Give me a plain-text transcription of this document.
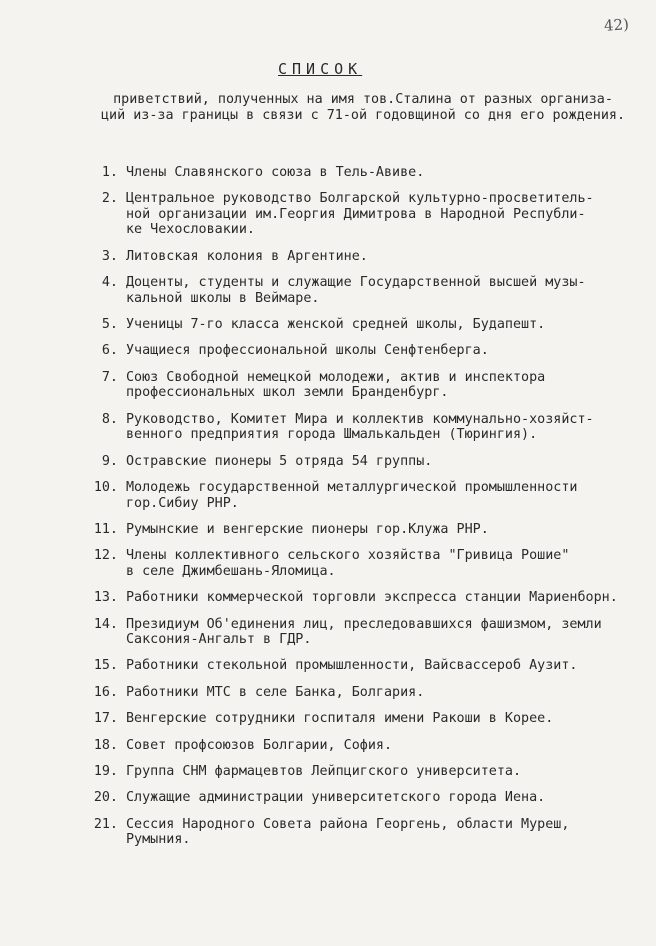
42)
СПИСОК
приветствий, полученных на имя тов.Сталина от разных организа-
ций из-за границы в связи с 71-ой годовщиной со дня его рождения.
1. Члены Славянского союза в Тель-Авиве.
2. Центральное руководство Болгарской культурно-просветитель-
ной организации им.Георгия Димитрова в Народной Республи-
ке Чехословакии.
3. Литовская колония в Аргентине.
4. Доценты, студенты и служащие Государственной высшей музы-
кальной школы в Веймаре.
5. Ученицы 7-го класса женской средней школы, Будапешт.
6. Учащиеся профессиональной школы Сенфтенберга.
7. Союз Свободной немецкой молодежи, актив и инспектора
профессиональных школ земли Бранденбург.
8. Руководство, Комитет Мира и коллектив коммунально-хозяйст-
венного предприятия города Шмалькальден (Тюрингия).
9. Остравские пионеры 5 отряда 54 группы.
10. Молодежь государственной металлургической промышленности
гор.Сибиу РНР.
11. Румынские и венгерские пионеры гор.Клужа РНР.
12. Члены коллективного сельского хозяйства "Гривица Рошие"
в селе Джимбешань-Яломица.
13. Работники коммерческой торговли экспресса станции Мариенборн.
14. Президиум Об'единения лиц, преследовавшихся фашизмом, земли
Саксония-Ангальт в ГДР.
15. Работники стекольной промышленности, Вайсвассероб Аузит.
16. Работники МТС в селе Банка, Болгария.
17. Венгерские сотрудники госпиталя имени Ракоши в Корее.
18. Совет профсоюзов Болгарии, София.
19. Группа СНМ фармацевтов Лейпцигского университета.
20. Служащие администрации университетского города Иена.
21. Сессия Народного Совета района Георгень, области Муреш,
Румыния.
